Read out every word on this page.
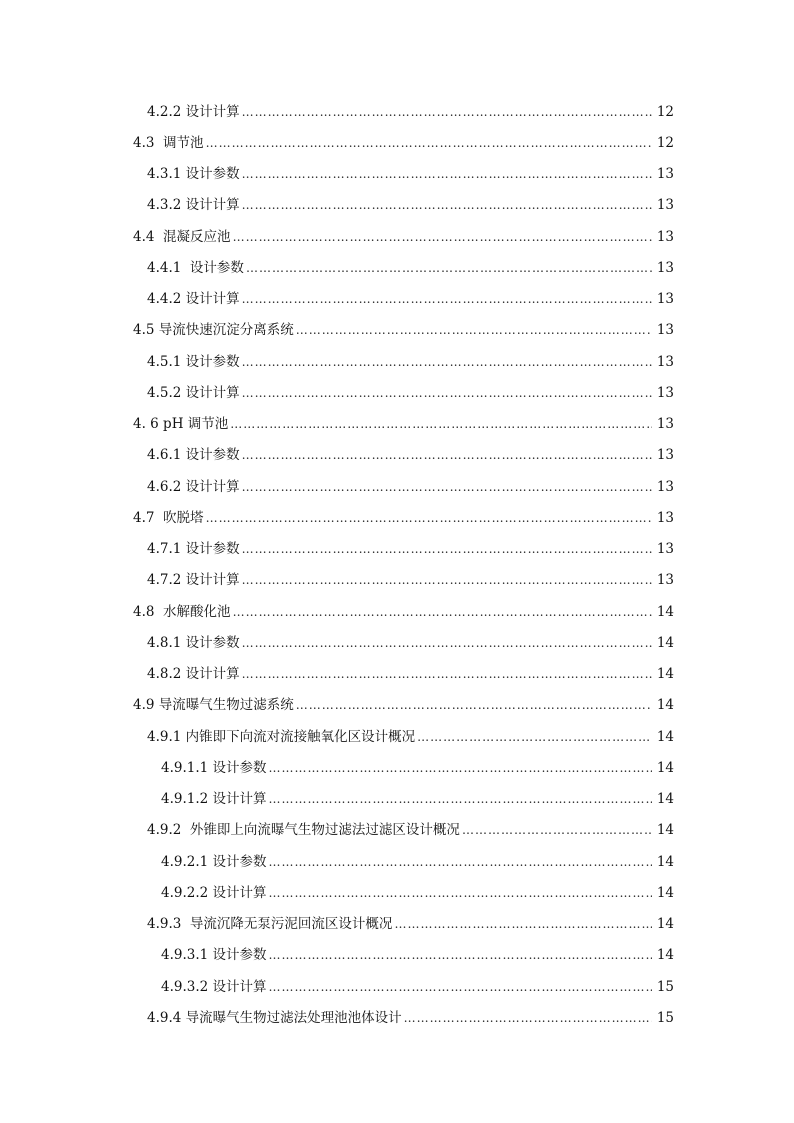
4.2.2 设计计算 ………………………………………………………………………………………………………………………………………………………………	12
4.3  调节池 ………………………………………………………………………………………………………………………………………………………………	12
4.3.1 设计参数 ………………………………………………………………………………………………………………………………………………………………	13
4.3.2 设计计算 ………………………………………………………………………………………………………………………………………………………………	13
4.4  混凝反应池 ………………………………………………………………………………………………………………………………………………………………	13
4.4.1  设计参数 ………………………………………………………………………………………………………………………………………………………………	13
4.4.2 设计计算 ………………………………………………………………………………………………………………………………………………………………	13
4.5 导流快速沉淀分离系统 ………………………………………………………………………………………………………………………………………………………………	13
4.5.1 设计参数 ………………………………………………………………………………………………………………………………………………………………	13
4.5.2 设计计算 ………………………………………………………………………………………………………………………………………………………………	13
4. 6 pH 调节池 ………………………………………………………………………………………………………………………………………………………………	13
4.6.1 设计参数 ………………………………………………………………………………………………………………………………………………………………	13
4.6.2 设计计算 ………………………………………………………………………………………………………………………………………………………………	13
4.7  吹脱塔 ………………………………………………………………………………………………………………………………………………………………	13
4.7.1 设计参数 ………………………………………………………………………………………………………………………………………………………………	13
4.7.2 设计计算 ………………………………………………………………………………………………………………………………………………………………	13
4.8  水解酸化池 ………………………………………………………………………………………………………………………………………………………………	14
4.8.1 设计参数 ………………………………………………………………………………………………………………………………………………………………	14
4.8.2 设计计算 ………………………………………………………………………………………………………………………………………………………………	14
4.9 导流曝气生物过滤系统 ………………………………………………………………………………………………………………………………………………………………	14
4.9.1 内锥即下向流对流接触氧化区设计概况 ………………………………………………………………………………………………………………………………………………………………	14
4.9.1.1 设计参数 ………………………………………………………………………………………………………………………………………………………………	14
4.9.1.2 设计计算 ………………………………………………………………………………………………………………………………………………………………	14
4.9.2  外锥即上向流曝气生物过滤法过滤区设计概况 ………………………………………………………………………………………………………………………………………………………………	14
4.9.2.1 设计参数 ………………………………………………………………………………………………………………………………………………………………	14
4.9.2.2 设计计算 ………………………………………………………………………………………………………………………………………………………………	14
4.9.3  导流沉降无泵污泥回流区设计概况 ………………………………………………………………………………………………………………………………………………………………	14
4.9.3.1 设计参数 ………………………………………………………………………………………………………………………………………………………………	14
4.9.3.2 设计计算 ………………………………………………………………………………………………………………………………………………………………	15
4.9.4 导流曝气生物过滤法处理池池体设计 ………………………………………………………………………………………………………………………………………………………………	15
